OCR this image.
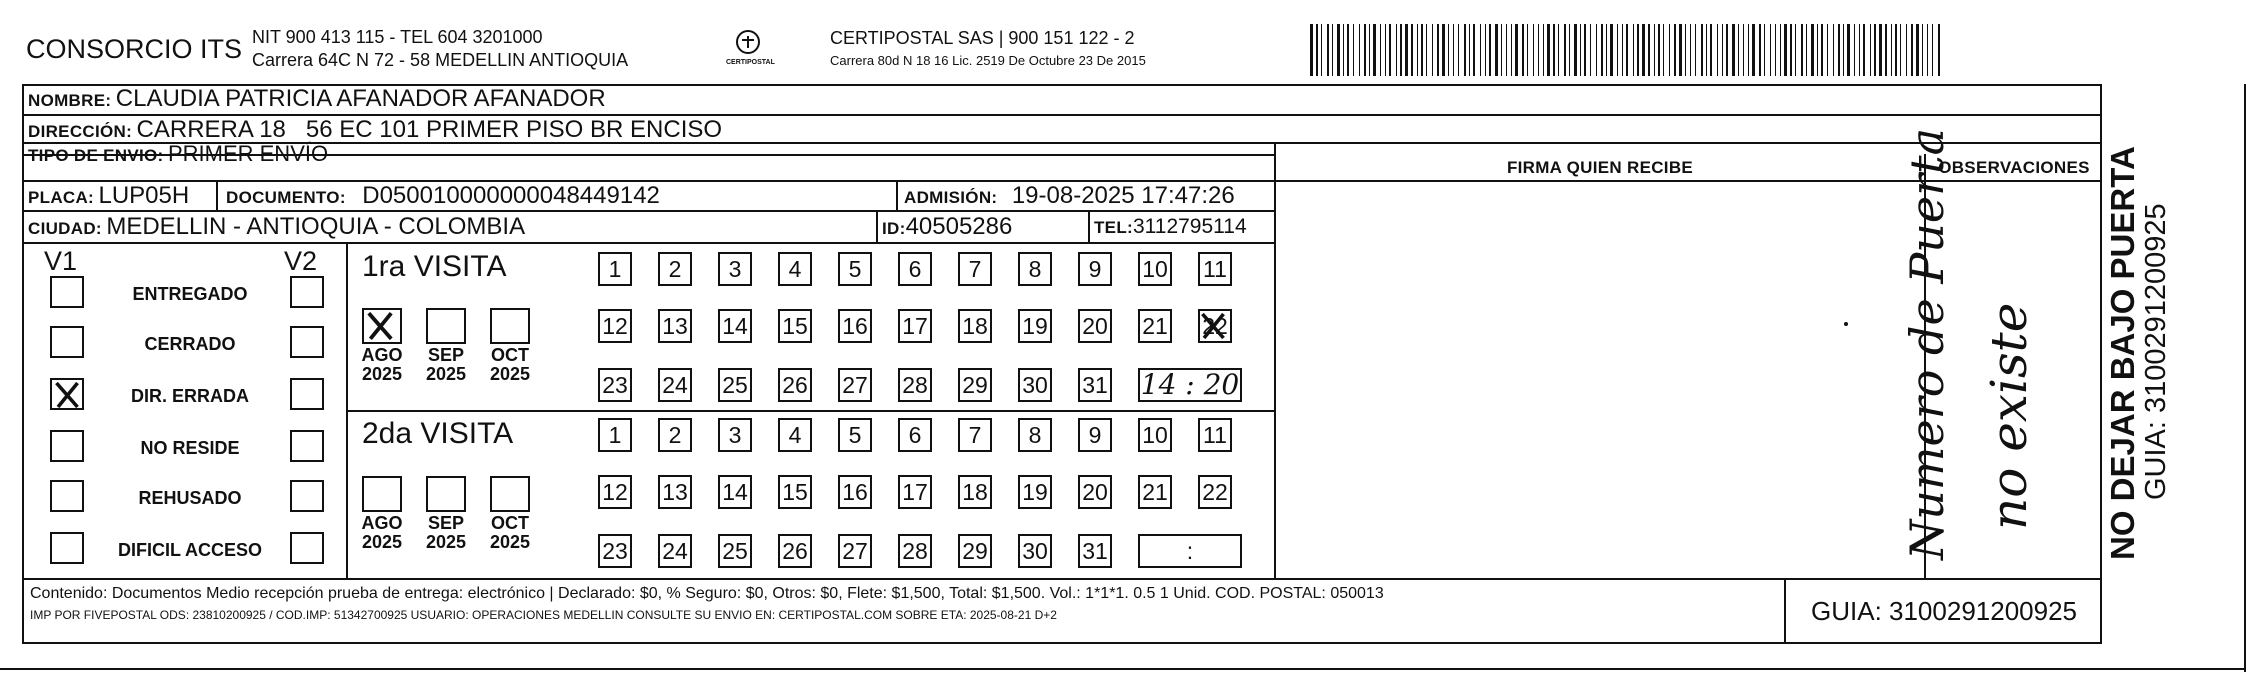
CONSORCIO ITS NIT 900 413 115 - TEL 604 3201000
Carrera 64C N 72 - 58 MEDELLIN ANTIOQUIA	CERTIPOSTAL
CERTIPOSTAL SAS | 900 151 122 - 2
Carrera 80d N 18 16 Lic. 2519 De Octubre 23 De 2015
NOMBRE: CLAUDIA PATRICIA AFANADOR AFANADOR
DIRECCIÓN: CARRERA 18   56 EC 101 PRIMER PISO BR ENCISO
TIPO DE ENVIO: PRIMER ENVÍO
PLACA: LUP05H DOCUMENTO: D050010000000048449142	ADMISIÓN: 19-08-2025 17:47:26
CIUDAD: MEDELLIN - ANTIOQUIA - COLOMBIA	ID:40505286	TEL:3112795114
FIRMA QUIEN RECIBE	OBSERVACIONES
Numero de Puerta no existe
V1	V2
ENTREGADO
CERRADO
DIR. ERRADA
NO RESIDE
REHUSADO
DIFICIL ACCESO
1ra VISITA
2da VISITA
AGO
2025
SEP
2025
OCT
2025
AGO
2025
SEP
2025
OCT
2025
1	2	3	4	5	6	7	8	9	10 11
12 13 14 15 16 17 18 19 20 21 22
23 24 25 26 27 28 29 30 31
1	2	3	4	5	6	7	8	9	10 11
12 13 14 15 16 17 18 19 20 21 22
23 24 25 26 27 28 29 30 31
14 : 20
:
Contenido: Documentos Medio recepción prueba de entrega: electrónico | Declarado: $0, % Seguro: $0, Otros: $0, Flete: $1,500, Total: $1,500. Vol.: 1*1*1. 0.5 1 Unid. COD. POSTAL: 050013
IMP POR FIVEPOSTAL ODS: 23810200925 / COD.IMP: 51342700925 USUARIO: OPERACIONES MEDELLIN CONSULTE SU ENVIO EN: CERTIPOSTAL.COM SOBRE ETA: 2025-08-21 D+2	GUIA: 3100291200925
NO DEJAR BAJO PUERTA GUIA: 3100291200925
